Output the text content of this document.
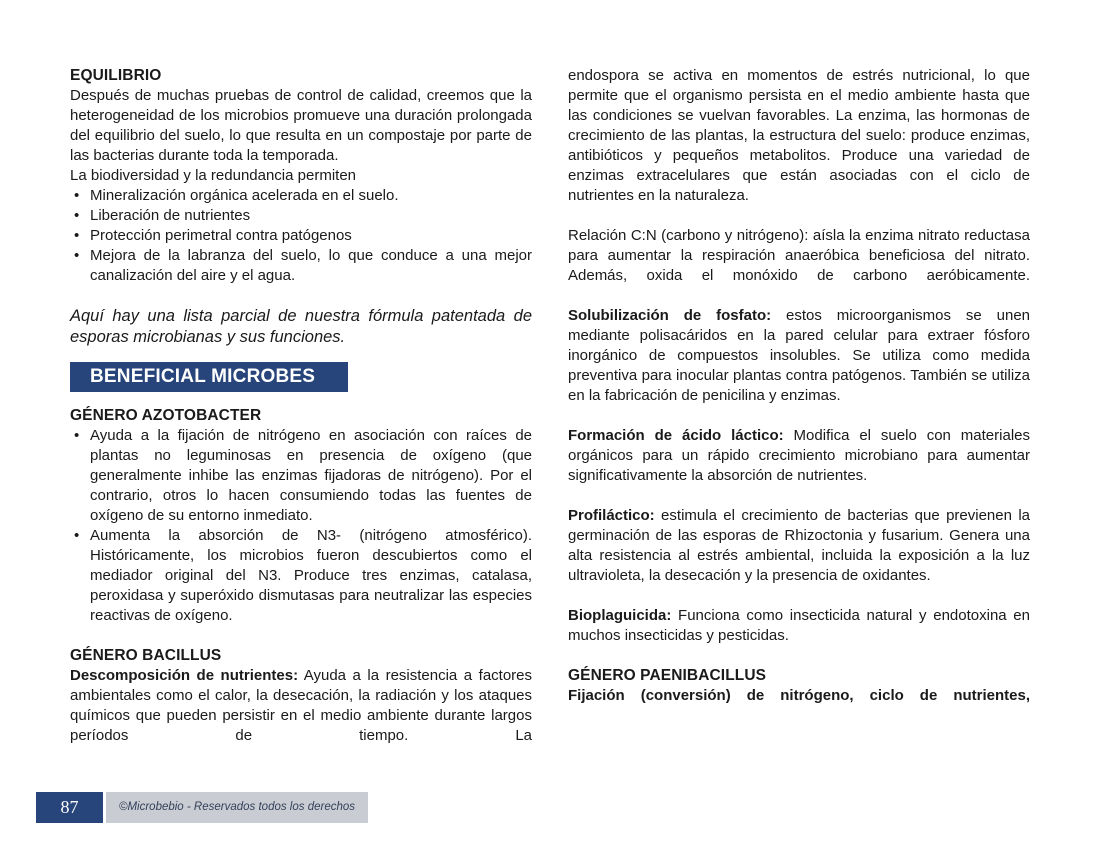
EQUILIBRIO

Después de muchas pruebas de control de calidad, creemos que la heterogeneidad de los microbios promueve una duración prolongada del equilibrio del suelo, lo que resulta en un compostaje por parte de las bacterias durante toda la temporada.

La biodiversidad y la redundancia permiten

• Mineralización orgánica acelerada en el suelo.
• Liberación de nutrientes
• Protección perimetral contra patógenos
• Mejora de la labranza del suelo, lo que conduce a una mejor canalización del aire y el agua.

Aquí hay una lista parcial de nuestra fórmula patentada de esporas microbianas y sus funciones.

BENEFICIAL MICROBES

GÉNERO AZOTOBACTER

• Ayuda a la fijación de nitrógeno en asociación con raíces de plantas no leguminosas en presencia de oxígeno (que generalmente inhibe las enzimas fijadoras de nitrógeno). Por el contrario, otros lo hacen consumiendo todas las fuentes de oxígeno de su entorno inmediato.
• Aumenta la absorción de N3- (nitrógeno atmosférico). Históricamente, los microbios fueron descubiertos como el mediador original del N3. Produce tres enzimas, catalasa, peroxidasa y superóxido dismutasas para neutralizar las especies reactivas de oxígeno.

GÉNERO BACILLUS

Descomposición de nutrientes: Ayuda a la resistencia a factores ambientales como el calor, la desecación, la radiación y los ataques químicos que pueden persistir en el medio ambiente durante largos períodos de tiempo. La

endospora se activa en momentos de estrés nutricional, lo que permite que el organismo persista en el medio ambiente hasta que las condiciones se vuelvan favorables. La enzima, las hormonas de crecimiento de las plantas, la estructura del suelo: produce enzimas, antibióticos y pequeños metabolitos. Produce una variedad de enzimas extracelulares que están asociadas con el ciclo de nutrientes en la naturaleza.

Relación C:N (carbono y nitrógeno): aísla la enzima nitrato reductasa para aumentar la respiración anaeróbica beneficiosa del nitrato. Además, oxida el monóxido de carbono aeróbicamente.

Solubilización de fosfato: estos microorganismos se unen mediante polisacáridos en la pared celular para extraer fósforo inorgánico de compuestos insolubles. Se utiliza como medida preventiva para inocular plantas contra patógenos. También se utiliza en la fabricación de penicilina y enzimas.

Formación de ácido láctico: Modifica el suelo con materiales orgánicos para un rápido crecimiento microbiano para aumentar significativamente la absorción de nutrientes.

Profiláctico: estimula el crecimiento de bacterias que previenen la germinación de las esporas de Rhizoctonia y fusarium. Genera una alta resistencia al estrés ambiental, incluida la exposición a la luz ultravioleta, la desecación y la presencia de oxidantes.

Bioplaguicida: Funciona como insecticida natural y endotoxina en muchos insecticidas y pesticidas.

GÉNERO PAENIBACILLUS

Fijación (conversión) de nitrógeno, ciclo de nutrientes,

87	©Microbebio - Reservados todos los derechos
